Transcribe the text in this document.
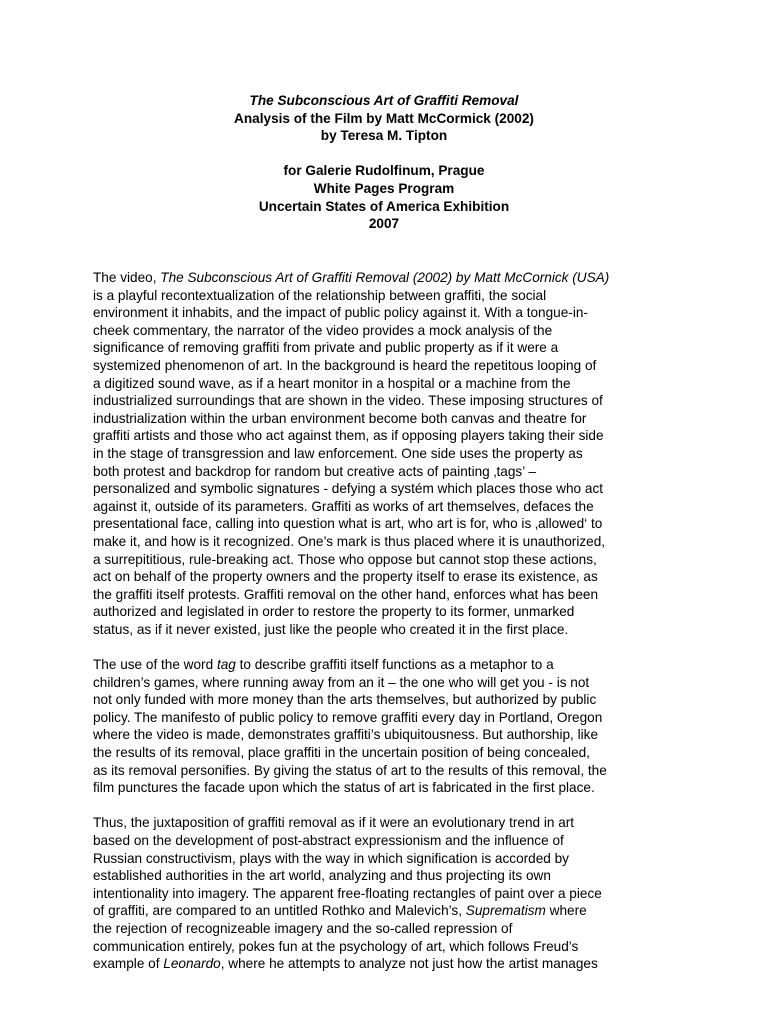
The Subconscious Art of Graffiti Removal
Analysis of the Film by Matt McCormick (2002)
by Teresa M. Tipton
for Galerie Rudolfinum, Prague
White Pages Program
Uncertain States of America Exhibition
2007

The video, The Subconscious Art of Graffiti Removal (2002) by Matt McCornick (USA)
is a playful recontextualization of the relationship between graffiti, the social
environment it inhabits, and the impact of public policy against it. With a tongue-in-
cheek commentary, the narrator of the video provides a mock analysis of the
significance of removing graffiti from private and public property as if it were a
systemized phenomenon of art. In the background is heard the repetitous looping of
a digitized sound wave, as if a heart monitor in a hospital or a machine from the
industrialized surroundings that are shown in the video. These imposing structures of
industrialization within the urban environment become both canvas and theatre for
graffiti artists and those who act against them, as if opposing players taking their side
in the stage of transgression and law enforcement. One side uses the property as
both protest and backdrop for random but creative acts of painting ‚tags’ –
personalized and symbolic signatures - defying a systém which places those who act
against it, outside of its parameters. Graffiti as works of art themselves, defaces the
presentational face, calling into question what is art, who art is for, who is ‚allowed‘ to
make it, and how is it recognized. One’s mark is thus placed where it is unauthorized,
a surrepititious, rule-breaking act. Those who oppose but cannot stop these actions,
act on behalf of the property owners and the property itself to erase its existence, as
the graffiti itself protests. Graffiti removal on the other hand, enforces what has been
authorized and legislated in order to restore the property to its former, unmarked
status, as if it never existed, just like the people who created it in the first place.

The use of the word tag to describe graffiti itself functions as a metaphor to a
children’s games, where running away from an it – the one who will get you - is not
not only funded with more money than the arts themselves, but authorized by public
policy. The manifesto of public policy to remove graffiti every day in Portland, Oregon
where the video is made, demonstrates graffiti’s ubiquitousness. But authorship, like
the results of its removal, place graffiti in the uncertain position of being concealed,
as its removal personifies. By giving the status of art to the results of this removal, the
film punctures the facade upon which the status of art is fabricated in the first place.

Thus, the juxtaposition of graffiti removal as if it were an evolutionary trend in art
based on the development of post-abstract expressionism and the influence of
Russian constructivism, plays with the way in which signification is accorded by
established authorities in the art world, analyzing and thus projecting its own
intentionality into imagery. The apparent free-floating rectangles of paint over a piece
of graffiti, are compared to an untitled Rothko and Malevich’s, Suprematism where
the rejection of recognizeable imagery and the so-called repression of
communication entirely, pokes fun at the psychology of art, which follows Freud’s
example of Leonardo, where he attempts to analyze not just how the artist manages
